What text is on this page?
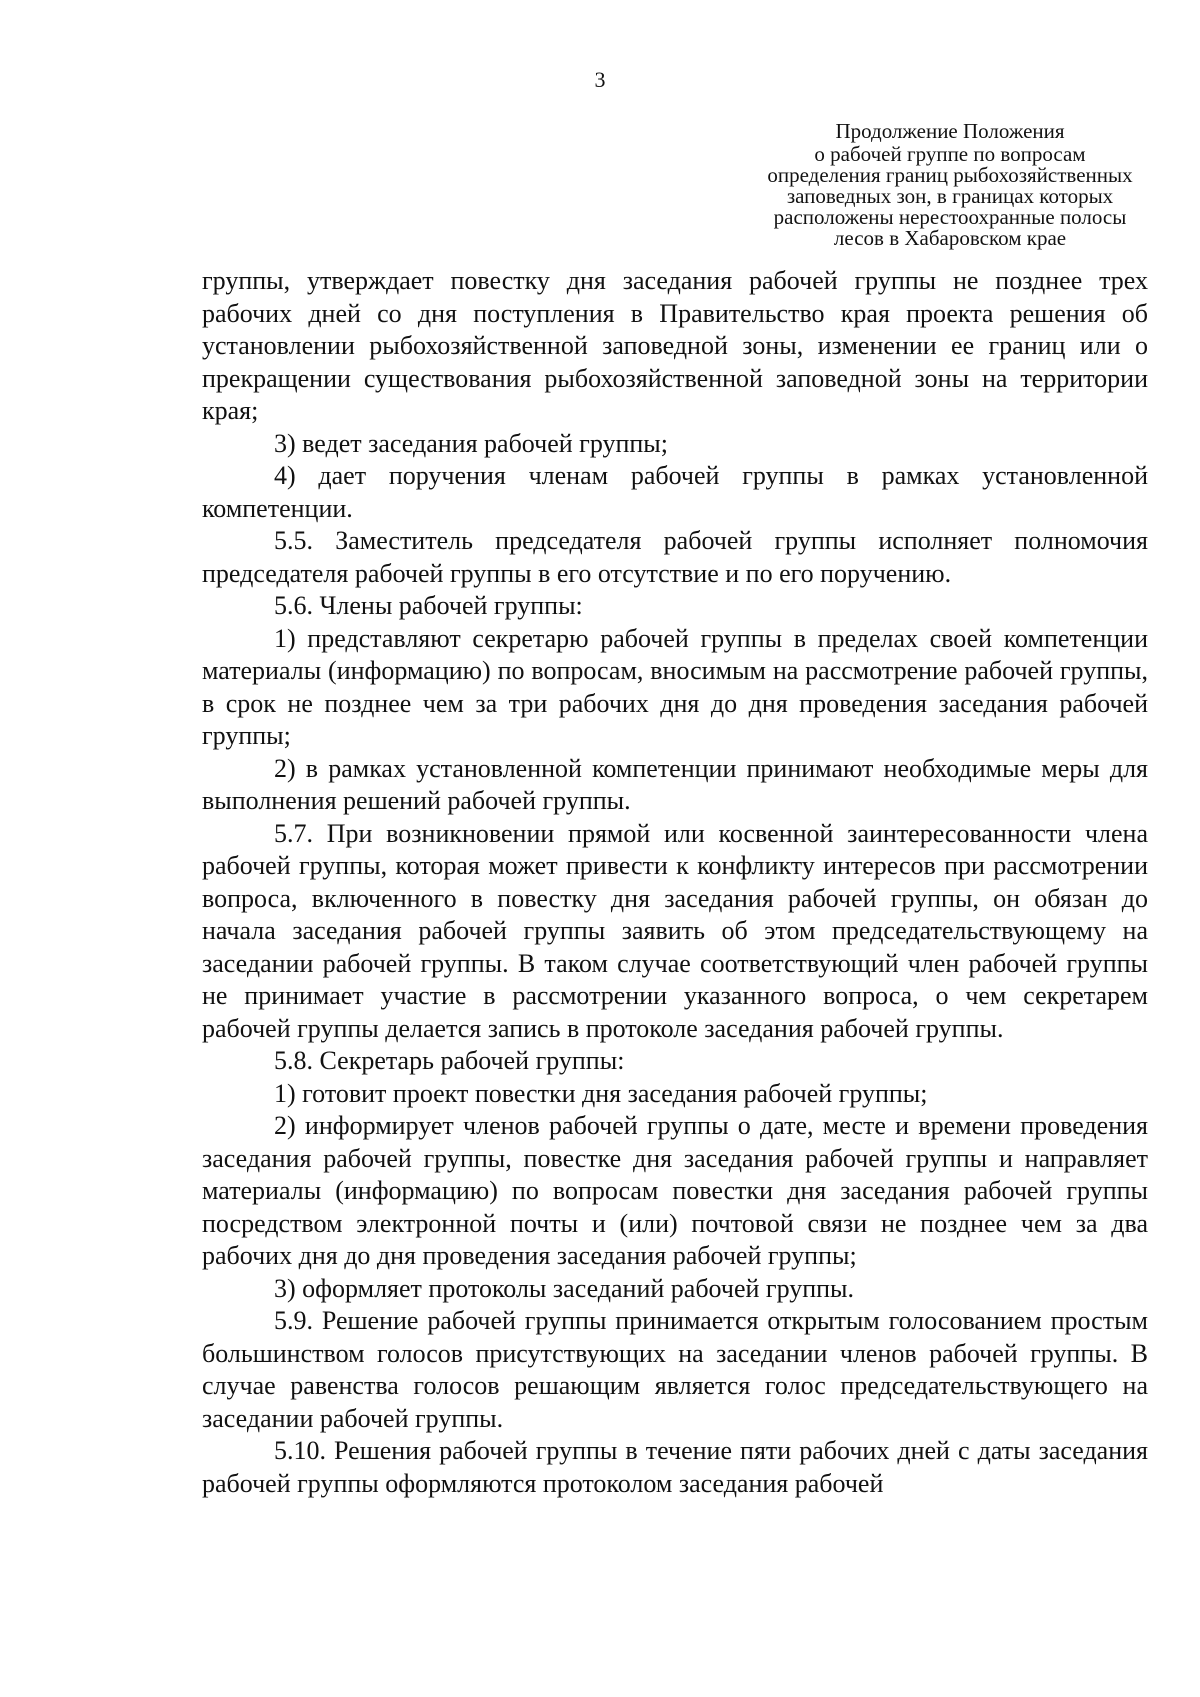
3
Продолжение Положения
о рабочей группе по вопросам
определения границ рыбохозяйственных
заповедных зон, в границах которых
расположены нерестоохранные полосы
лесов в Хабаровском крае

группы, утверждает повестку дня заседания рабочей группы не позднее трех рабочих дней со дня поступления в Правительство края проекта решения об установлении рыбохозяйственной заповедной зоны, изменении ее границ или о прекращении существования рыбохозяйственной заповедной зоны на территории края;

3) ведет заседания рабочей группы;

4) дает поручения членам рабочей группы в рамках установленной компетенции.

5.5. Заместитель председателя рабочей группы исполняет полномочия председателя рабочей группы в его отсутствие и по его поручению.

5.6. Члены рабочей группы:

1) представляют секретарю рабочей группы в пределах своей компетенции материалы (информацию) по вопросам, вносимым на рассмотрение рабочей группы, в срок не позднее чем за три рабочих дня до дня проведения заседания рабочей группы;

2) в рамках установленной компетенции принимают необходимые меры для выполнения решений рабочей группы.

5.7. При возникновении прямой или косвенной заинтересованности члена рабочей группы, которая может привести к конфликту интересов при рассмотрении вопроса, включенного в повестку дня заседания рабочей группы, он обязан до начала заседания рабочей группы заявить об этом председательствующему на заседании рабочей группы. В таком случае соответствующий член рабочей группы не принимает участие в рассмотрении указанного вопроса, о чем секретарем рабочей группы делается запись в протоколе заседания рабочей группы.

5.8. Секретарь рабочей группы:

1) готовит проект повестки дня заседания рабочей группы;

2) информирует членов рабочей группы о дате, месте и времени проведения заседания рабочей группы, повестке дня заседания рабочей группы и направляет материалы (информацию) по вопросам повестки дня заседания рабочей группы посредством электронной почты и (или) почтовой связи не позднее чем за два рабочих дня до дня проведения заседания рабочей группы;

3) оформляет протоколы заседаний рабочей группы.

5.9. Решение рабочей группы принимается открытым голосованием простым большинством голосов присутствующих на заседании членов рабочей группы. В случае равенства голосов решающим является голос председательствующего на заседании рабочей группы.

5.10. Решения рабочей группы в течение пяти рабочих дней с даты заседания рабочей группы оформляются протоколом заседания рабочей
